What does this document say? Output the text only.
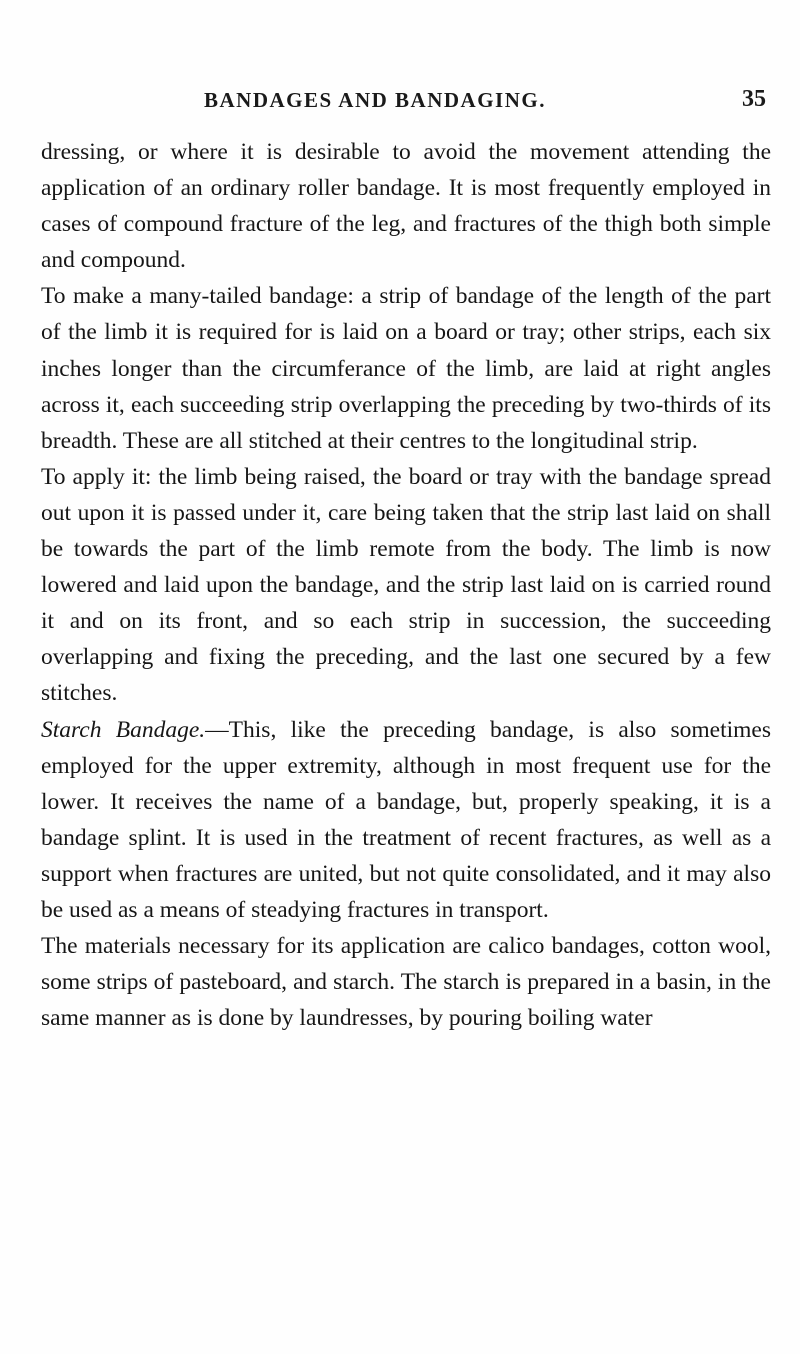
BANDAGES AND BANDAGING.	35

dressing, or where it is desirable to avoid the movement attending the application of an ordinary roller bandage. It is most frequently employed in cases of compound fracture of the leg, and fractures of the thigh both simple and compound.

To make a many-tailed bandage: a strip of bandage of the length of the part of the limb it is required for is laid on a board or tray; other strips, each six inches longer than the circumferance of the limb, are laid at right angles across it, each succeeding strip overlapping the preceding by two-thirds of its breadth. These are all stitched at their centres to the longitudinal strip.

To apply it: the limb being raised, the board or tray with the bandage spread out upon it is passed under it, care being taken that the strip last laid on shall be towards the part of the limb remote from the body. The limb is now lowered and laid upon the bandage, and the strip last laid on is carried round it and on its front, and so each strip in succession, the succeeding overlapping and fixing the preceding, and the last one secured by a few stitches.

Starch Bandage.—This, like the preceding bandage, is also sometimes employed for the upper extremity, although in most frequent use for the lower. It receives the name of a bandage, but, properly speaking, it is a bandage splint. It is used in the treatment of recent fractures, as well as a support when fractures are united, but not quite consolidated, and it may also be used as a means of steadying fractures in transport.

The materials necessary for its application are calico bandages, cotton wool, some strips of pasteboard, and starch. The starch is prepared in a basin, in the same manner as is done by laundresses, by pouring boiling water
